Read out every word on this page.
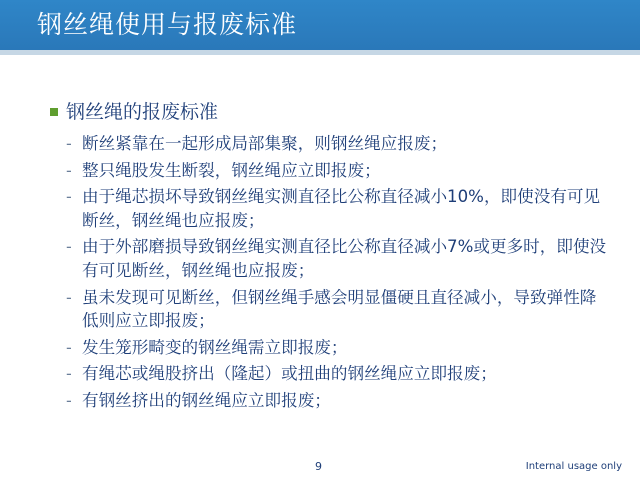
钢丝绳使用与报废标准
钢丝绳的报废标准
- 断丝紧靠在一起形成局部集聚，则钢丝绳应报废；
- 整只绳股发生断裂，钢丝绳应立即报废；
- 由于绳芯损坏导致钢丝绳实测直径比公称直径减小10%，即使没有可见断丝，钢丝绳也应报废；
- 由于外部磨损导致钢丝绳实测直径比公称直径减小7%或更多时，即使没有可见断丝，钢丝绳也应报废；
- 虽未发现可见断丝，但钢丝绳手感会明显僵硬且直径减小，导致弹性降低则应立即报废；
- 发生笼形畸变的钢丝绳需立即报废；
- 有绳芯或绳股挤出（隆起）或扭曲的钢丝绳应立即报废；
- 有钢丝挤出的钢丝绳应立即报废；
9	Internal usage only
